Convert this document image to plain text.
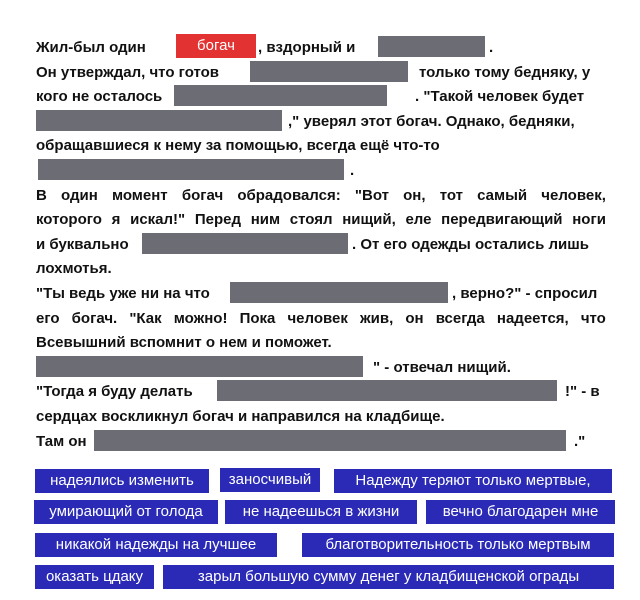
Жил-был один	богач	, вздорный и	.
Он утверждал, что готов	только тому бедняку, у
кого не осталось	. "Такой человек будет
," уверял этот богач. Однако, бедняки,
обращавшиеся к нему за помощью, всегда ещё что-то
.
В один момент богач обрадовался: "Вот он, тот самый человек,
которого я искал!" Перед ним стоял нищий, еле передвигающий ноги
и буквально	. От его одежды остались лишь
лохмотья.
"Ты ведь уже ни на что	, верно?" - спросил
его богач. "Как можно! Пока человек жив, он всегда надеется, что
Всевышний вспомнит о нем и поможет.
" - отвечал нищий.
"Тогда я буду делать	!" - в
сердцах воскликнул богач и направился на кладбище.
Там он	."
надеялись изменить	заносчивый	Надежду теряют только мертвые,
умирающий от голода	не надеешься в жизни	вечно благодарен мне
никакой надежды на лучшее	благотворительность только мертвым
оказать цдаку	зарыл большую сумму денег у кладбищенской ограды
